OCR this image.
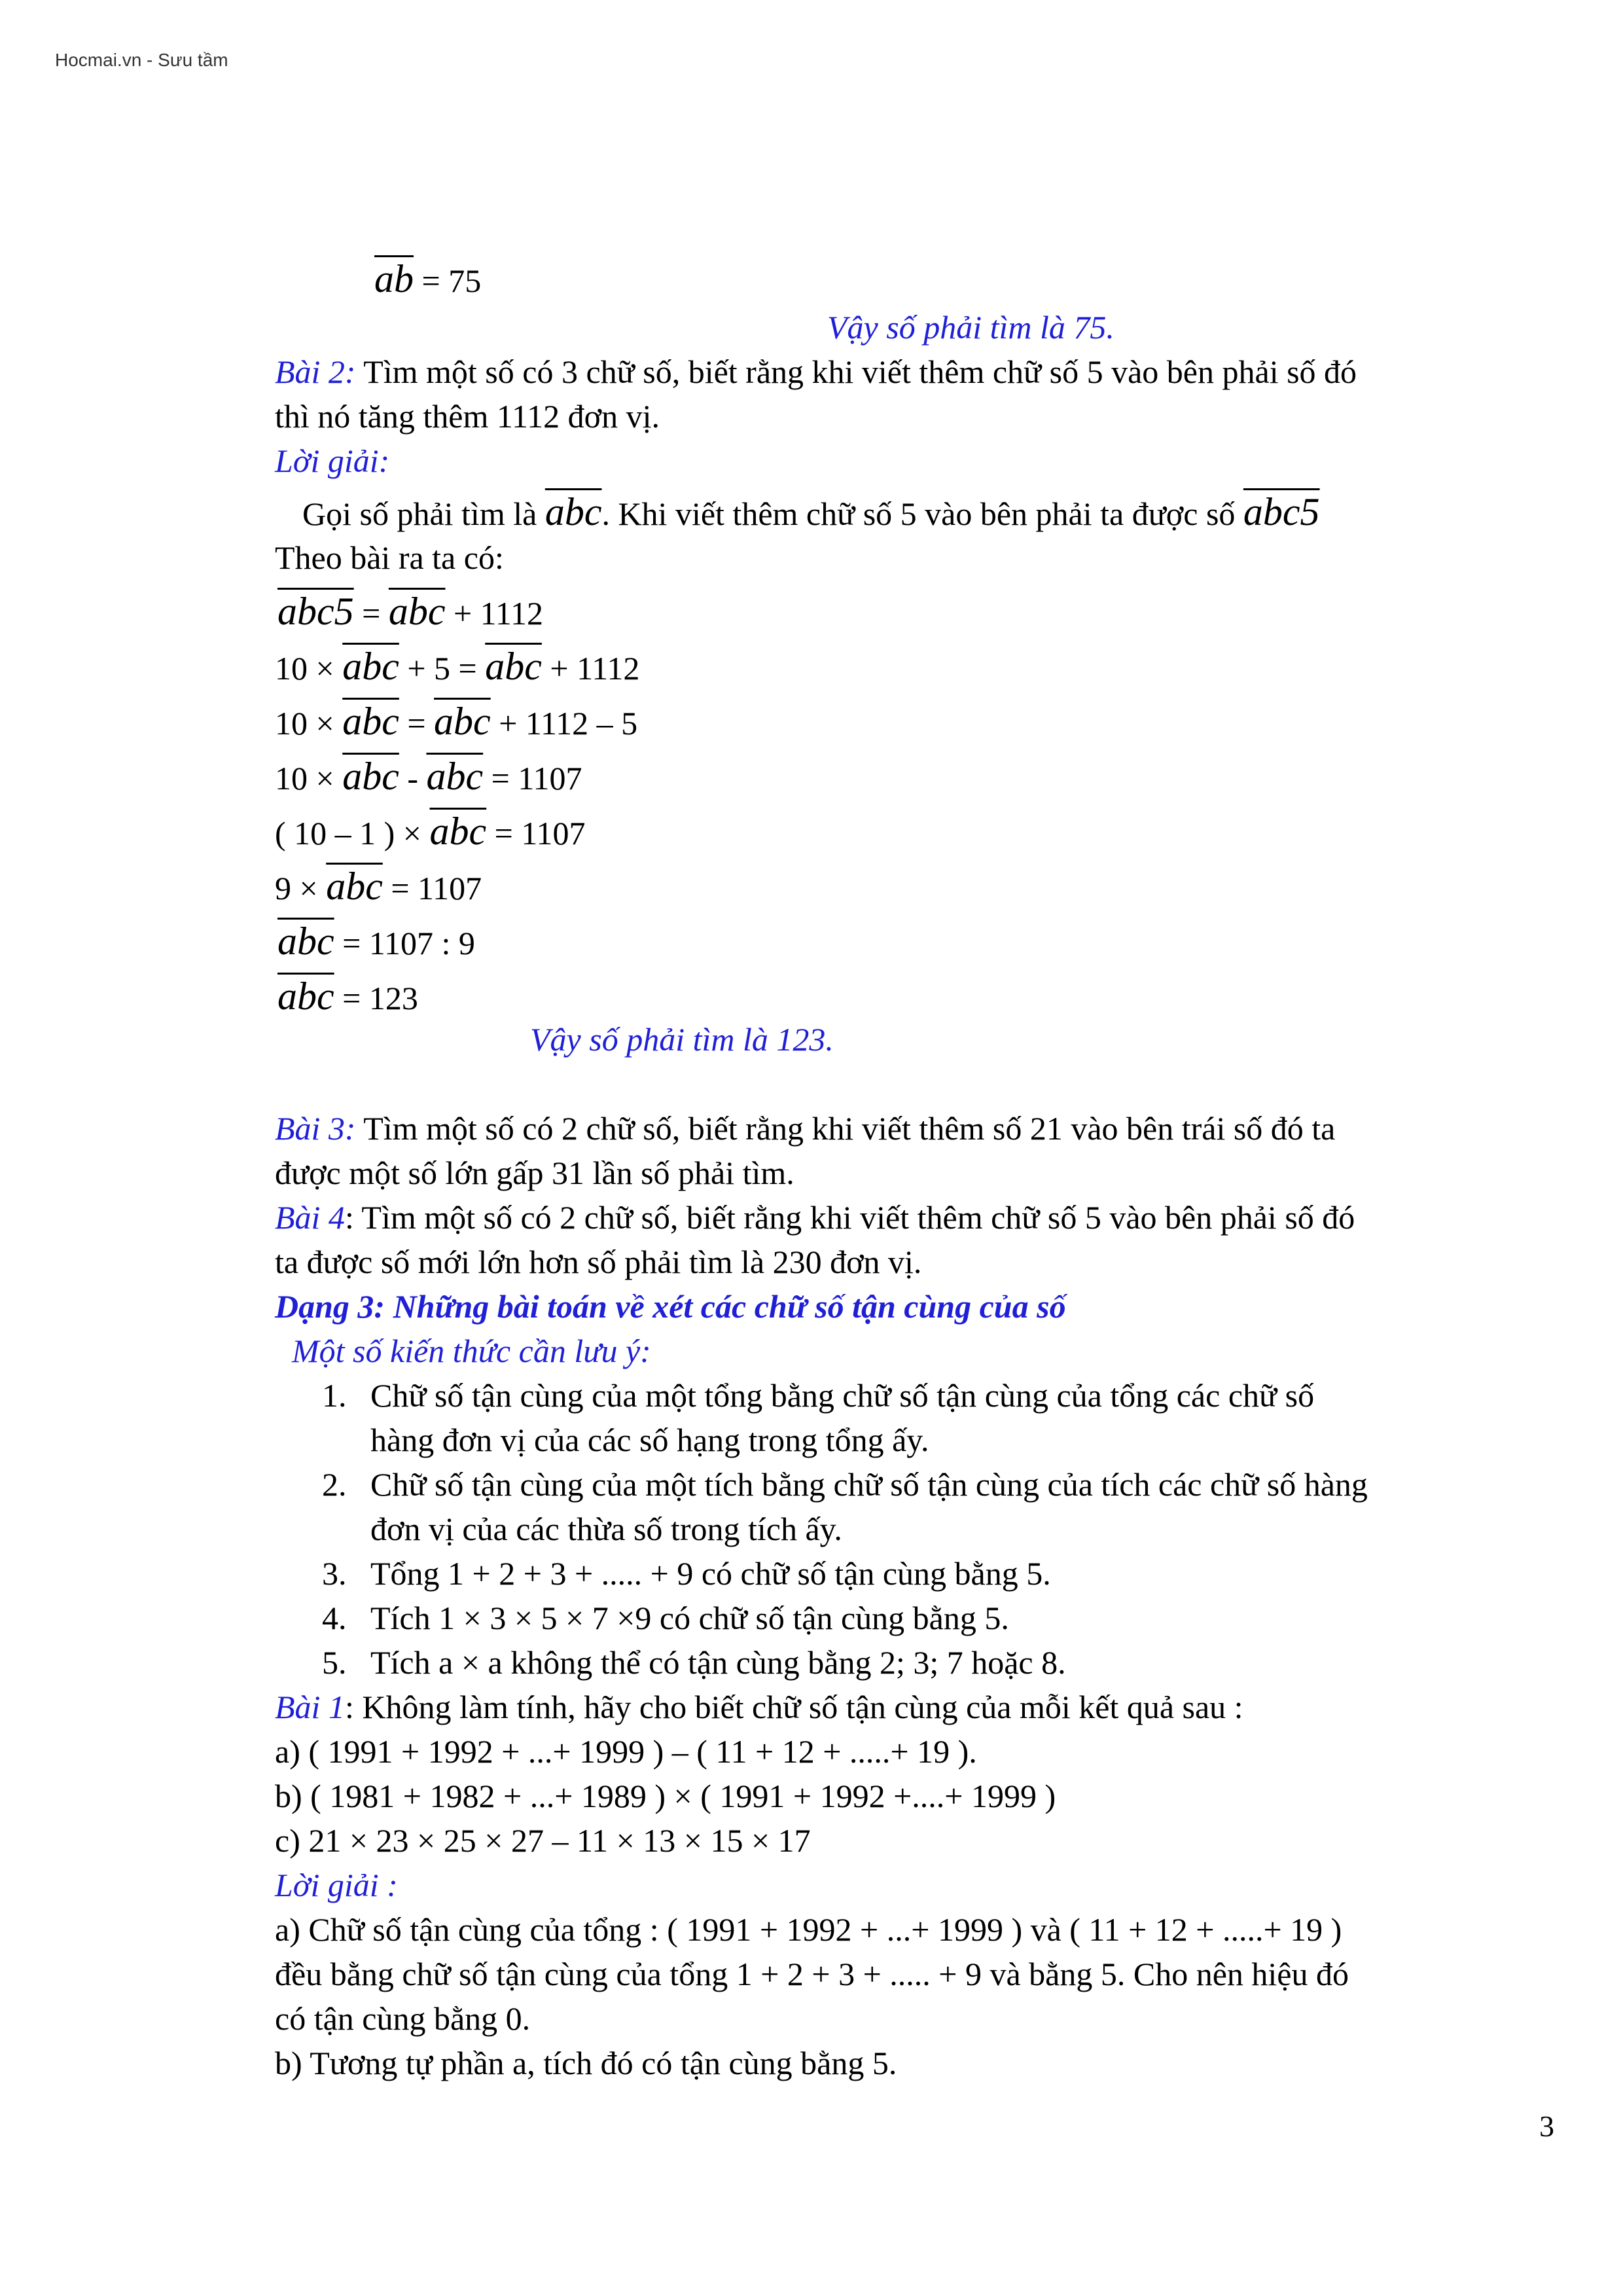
Hocmai.vn - Sưu tầm
$\overline{ab} = 75$
Vậy số phải tìm là 75.
Bài 2: Tìm một số có 3 chữ số, biết rằng khi viết thêm chữ số 5 vào bên phải số đó
thì nó tăng thêm 1112 đơn vị.
Lời giải:
Gọi số phải tìm là $\overline{abc}$. Khi viết thêm chữ số 5 vào bên phải ta được số abc5
Theo bài ra ta có:
$abc5 = \overline{abc} + 1112$
$10 \times \overline{abc} + 5 = \overline{abc} + 1112$
$10 \times \overline{abc} = \overline{abc} + 1112 - 5$
$10 \times \overline{abc} - \overline{abc} = 1107$
( 10 – 1 ) × $\overline{abc} = 1107$
$9 \times \overline{abc} = 1107$
$\overline{abc} = 1107$ : 9
$\overline{abc} = 123$
Vậy số phải tìm là 123.
Bài 3: Tìm một số có 2 chữ số, biết rằng khi viết thêm số 21 vào bên trái số đó ta
được một số lớn gấp 31 lần số phải tìm.
Bài 4: Tìm một số có 2 chữ số, biết rằng khi viết thêm chữ số 5 vào bên phải số đó
ta được số mới lớn hơn số phải tìm là 230 đơn vị.
Dạng 3: Những bài toán về xét các chữ số tận cùng của số
Một số kiến thức cần lưu ý:
1. Chữ số tận cùng của một tổng bằng chữ số tận cùng của tổng các chữ số
hàng đơn vị của các số hạng trong tổng ấy.
2. Chữ số tận cùng của một tích bằng chữ số tận cùng của tích các chữ số hàng
đơn vị của các thừa số trong tích ấy.
3. Tổng 1 + 2 + 3 + ..... + 9 có chữ số tận cùng bằng 5.
4. Tích 1 × 3 × 5 × 7 ×9 có chữ số tận cùng bằng 5.
5. Tích a × a không thể có tận cùng bằng 2; 3; 7 hoặc 8.
Bài 1: Không làm tính, hãy cho biết chữ số tận cùng của mỗi kết quả sau :
a) ( 1991 + 1992 + ...+ 1999 ) – ( 11 + 12 + .....+ 19 ).
b) ( 1981 + 1982 + ...+ 1989 ) × ( 1991 + 1992 +....+ 1999 )
c) 21 × 23 × 25 × 27 – 11 × 13 × 15 × 17
Lời giải :
a) Chữ số tận cùng của tổng : ( 1991 + 1992 + ...+ 1999 ) và ( 11 + 12 + .....+ 19 )
đều bằng chữ số tận cùng của tổng 1 + 2 + 3 + ..... + 9 và bằng 5. Cho nên hiệu đó
có tận cùng bằng 0.
b) Tương tự phần a, tích đó có tận cùng bằng 5.
3
